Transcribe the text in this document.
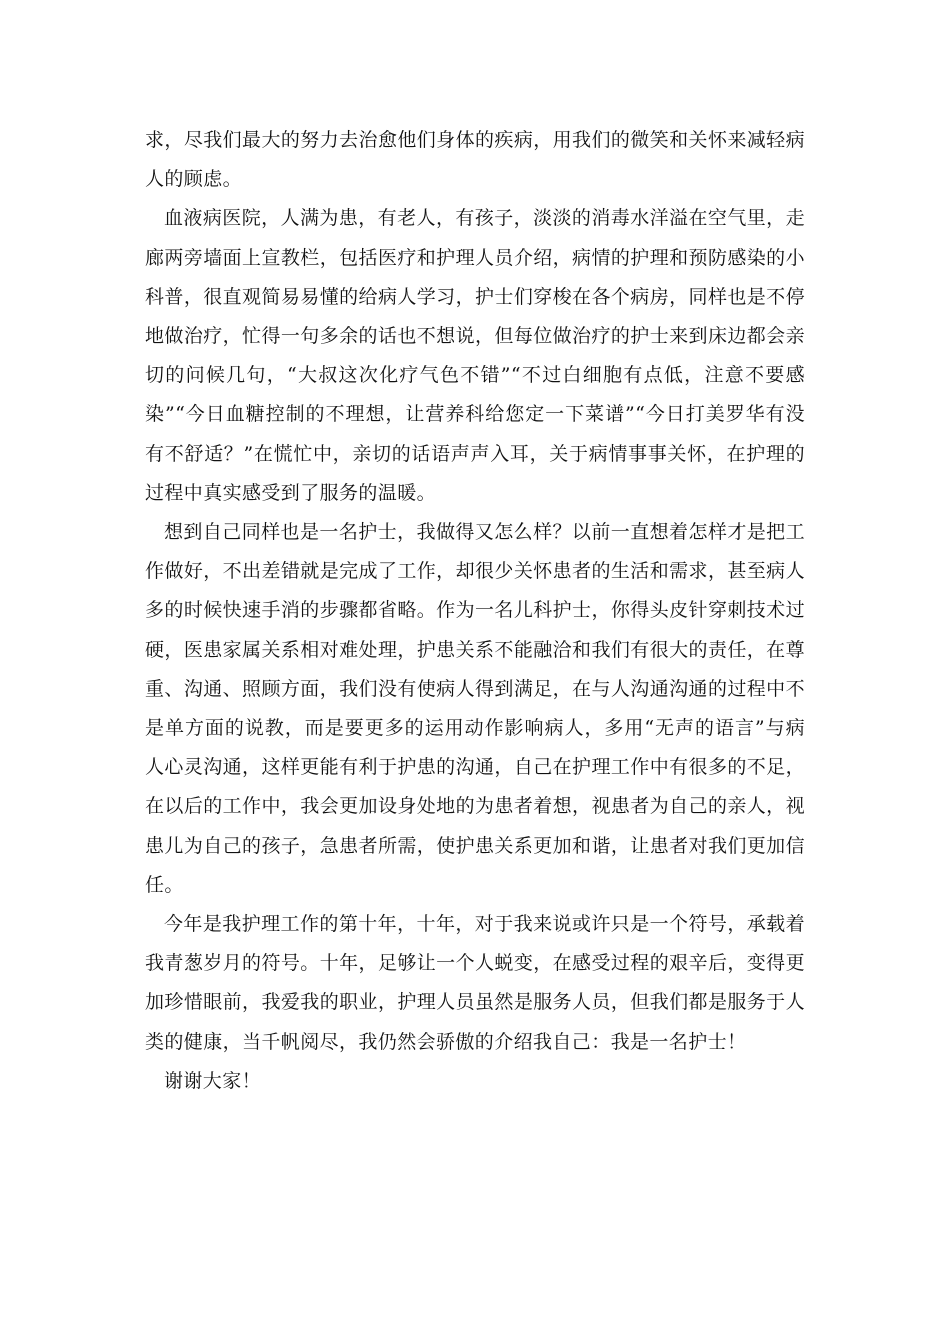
求，尽我们最大的努力去治愈他们身体的疾病，用我们的微笑和关怀来减轻病人的顾虑。

血液病医院，人满为患，有老人，有孩子，淡淡的消毒水洋溢在空气里，走廊两旁墙面上宣教栏，包括医疗和护理人员介绍，病情的护理和预防感染的小科普，很直观简易易懂的给病人学习，护士们穿梭在各个病房，同样也是不停地做治疗，忙得一句多余的话也不想说，但每位做治疗的护士来到床边都会亲切的问候几句，“大叔这次化疗气色不错”“不过白细胞有点低，注意不要感染”“今日血糖控制的不理想，让营养科给您定一下菜谱”“今日打美罗华有没有不舒适？”在慌忙中，亲切的话语声声入耳，关于病情事事关怀，在护理的过程中真实感受到了服务的温暖。

想到自己同样也是一名护士，我做得又怎么样？以前一直想着怎样才是把工作做好，不出差错就是完成了工作，却很少关怀患者的生活和需求，甚至病人多的时候快速手消的步骤都省略。作为一名儿科护士，你得头皮针穿刺技术过硬，医患家属关系相对难处理，护患关系不能融洽和我们有很大的责任，在尊重、沟通、照顾方面，我们没有使病人得到满足，在与人沟通沟通的过程中不是单方面的说教，而是要更多的运用动作影响病人，多用“无声的语言”与病人心灵沟通，这样更能有利于护患的沟通，自己在护理工作中有很多的不足，在以后的工作中，我会更加设身处地的为患者着想，视患者为自己的亲人，视患儿为自己的孩子，急患者所需，使护患关系更加和谐，让患者对我们更加信任。

今年是我护理工作的第十年，十年，对于我来说或许只是一个符号，承载着我青葱岁月的符号。十年，足够让一个人蜕变，在感受过程的艰辛后，变得更加珍惜眼前，我爱我的职业，护理人员虽然是服务人员，但我们都是服务于人类的健康，当千帆阅尽，我仍然会骄傲的介绍我自己：我是一名护士！

谢谢大家！
